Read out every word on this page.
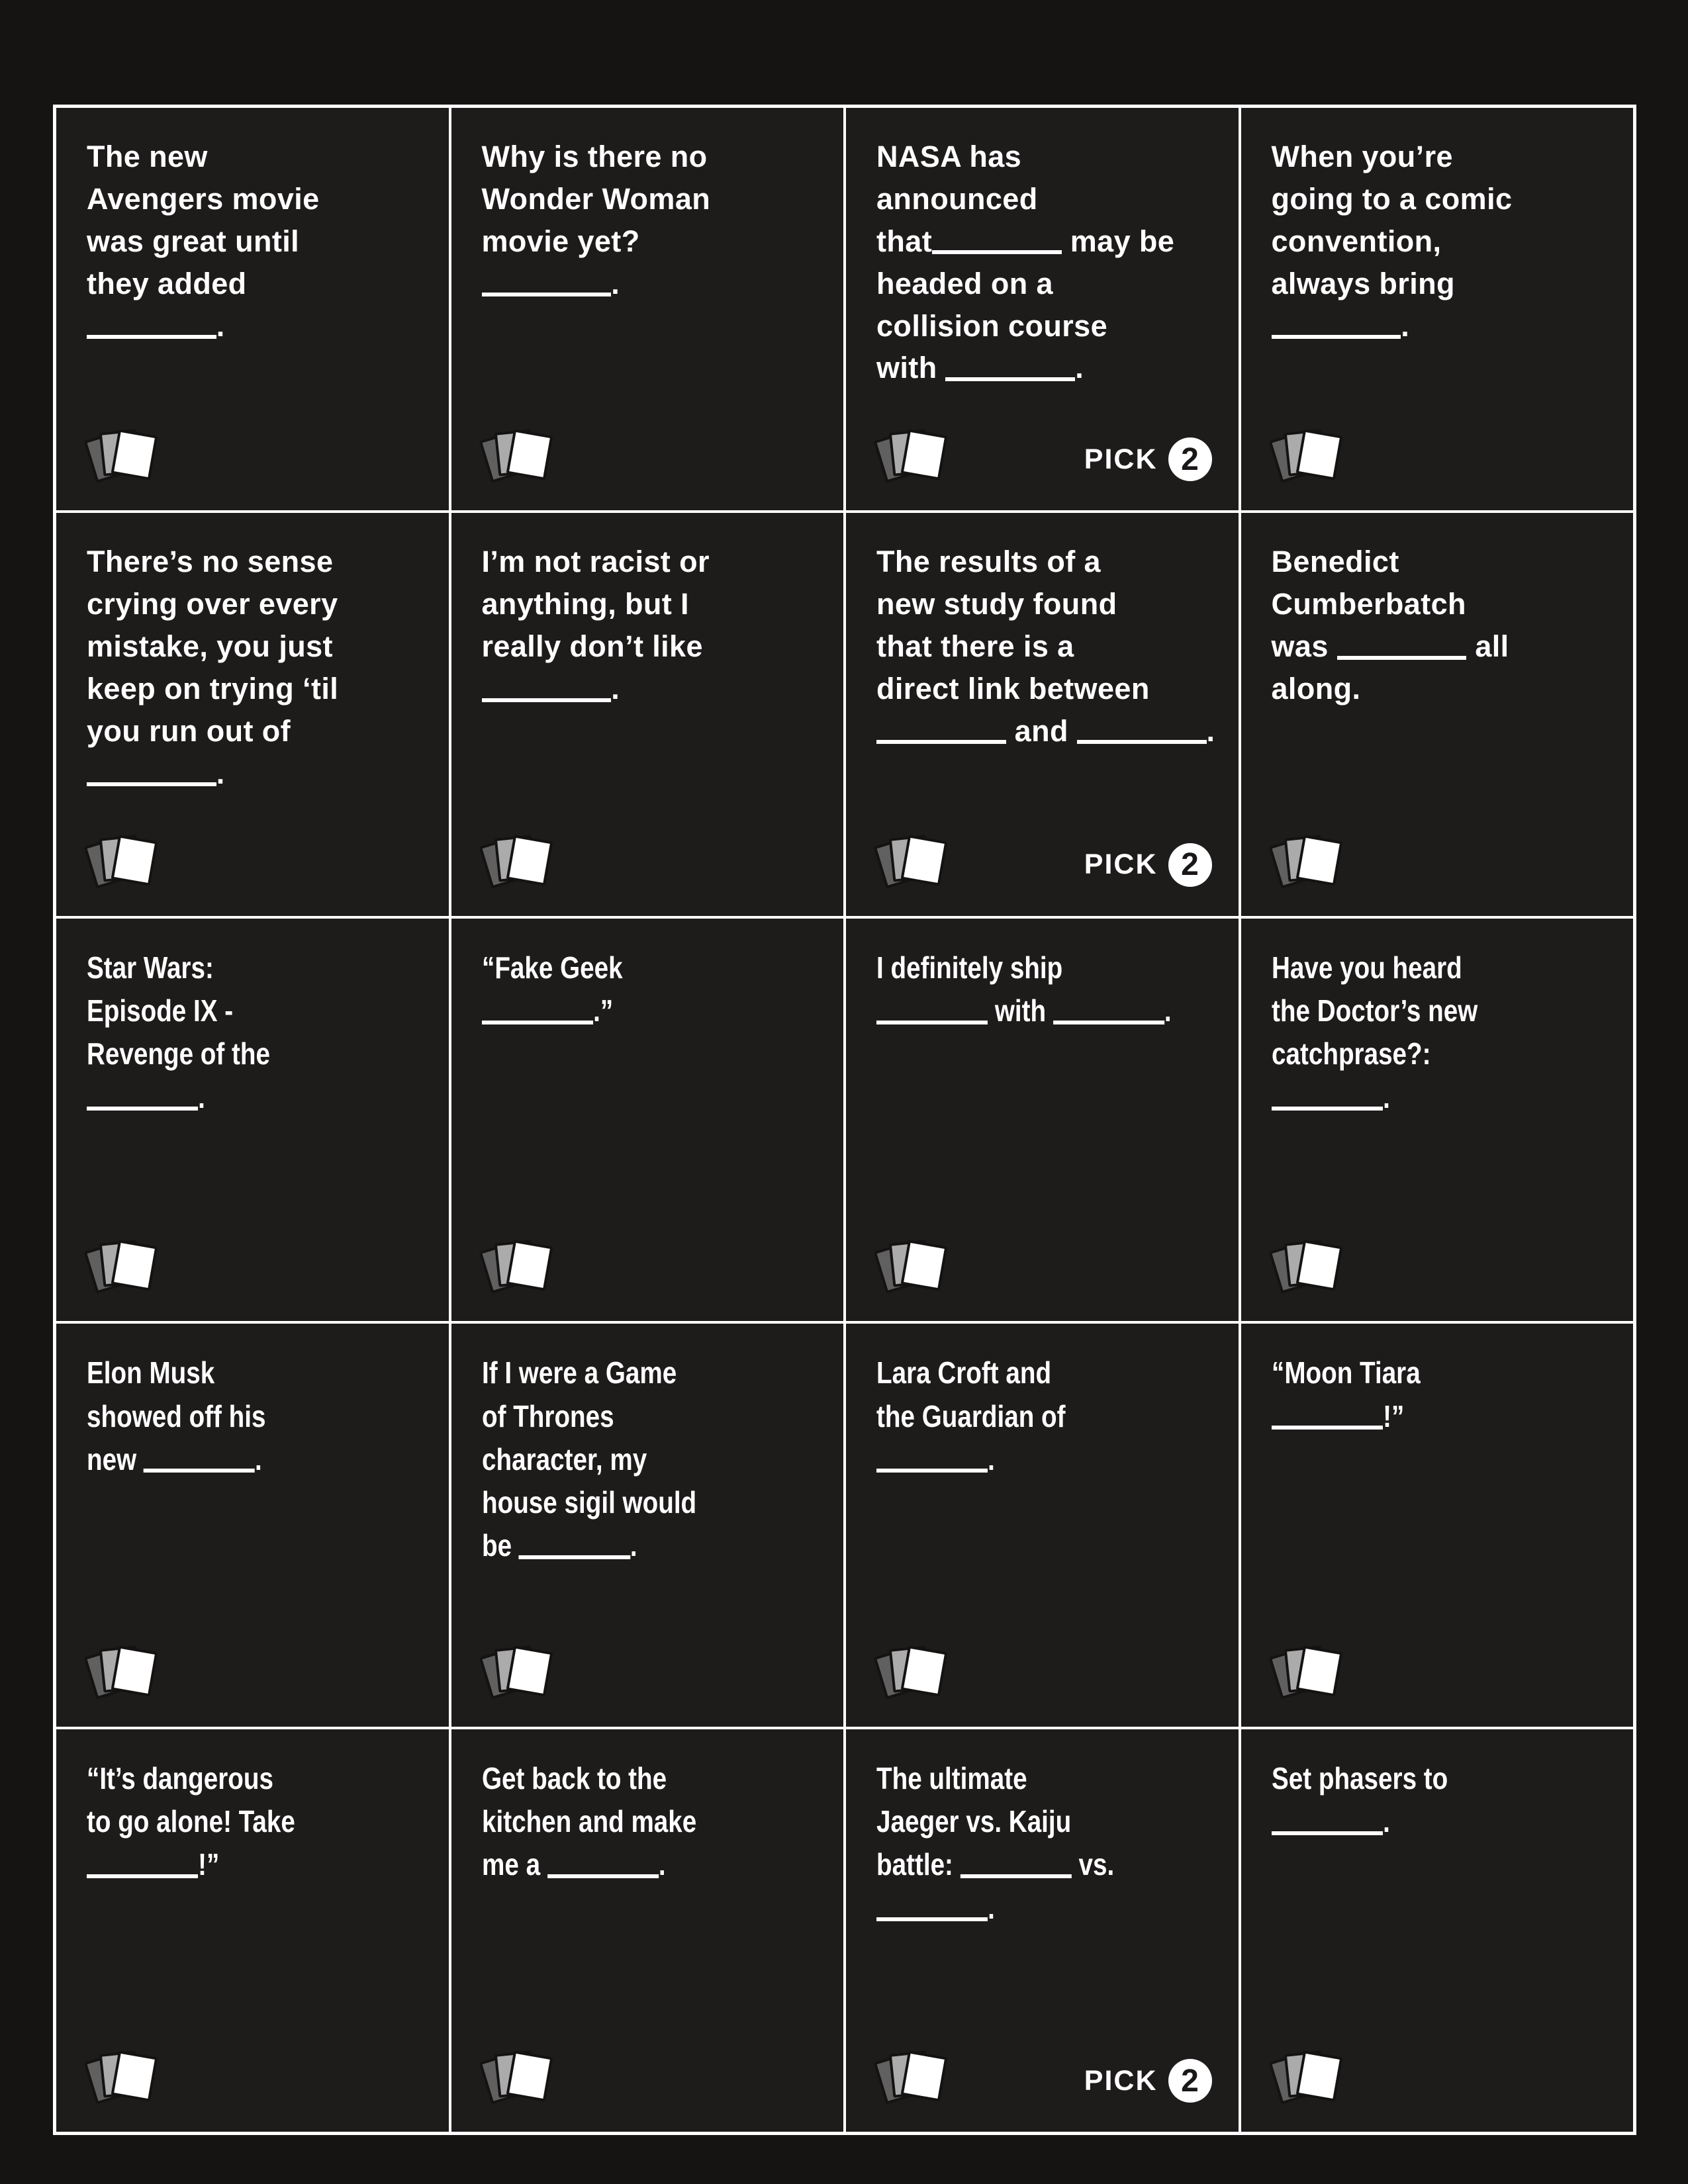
The new
Avengers movie
was great until
they added
.
Why is there no
Wonder Woman
movie yet?
.
NASA has
announced
that	may be
headed on a
collision course
with	.
PICK 2
When you’re
going to a comic
convention,
always bring
.
There’s no sense
crying over every
mistake, you just
keep on trying ‘til
you run out of
.
I’m not racist or
anything, but I
really don’t like
.
The results of a
new study found
that there is a
direct link between
and	.
PICK 2
Benedict
Cumberbatch
was	all
along.
Star Wars:
Episode IX -
Revenge of the
.
“Fake Geek
.”
I definitely ship
with	.
Have you heard
the Doctor’s new
catchprase?:
.
Elon Musk
showed off his
new	.
If I were a Game
of Thrones
character, my
house sigil would
be	.
Lara Croft and
the Guardian of
.
“Moon Tiara
!”
“It’s dangerous
to go alone! Take
!”
Get back to the
kitchen and make
me a	.
The ultimate
Jaeger vs. Kaiju
battle:	vs.
.
PICK 2
Set phasers to
.
